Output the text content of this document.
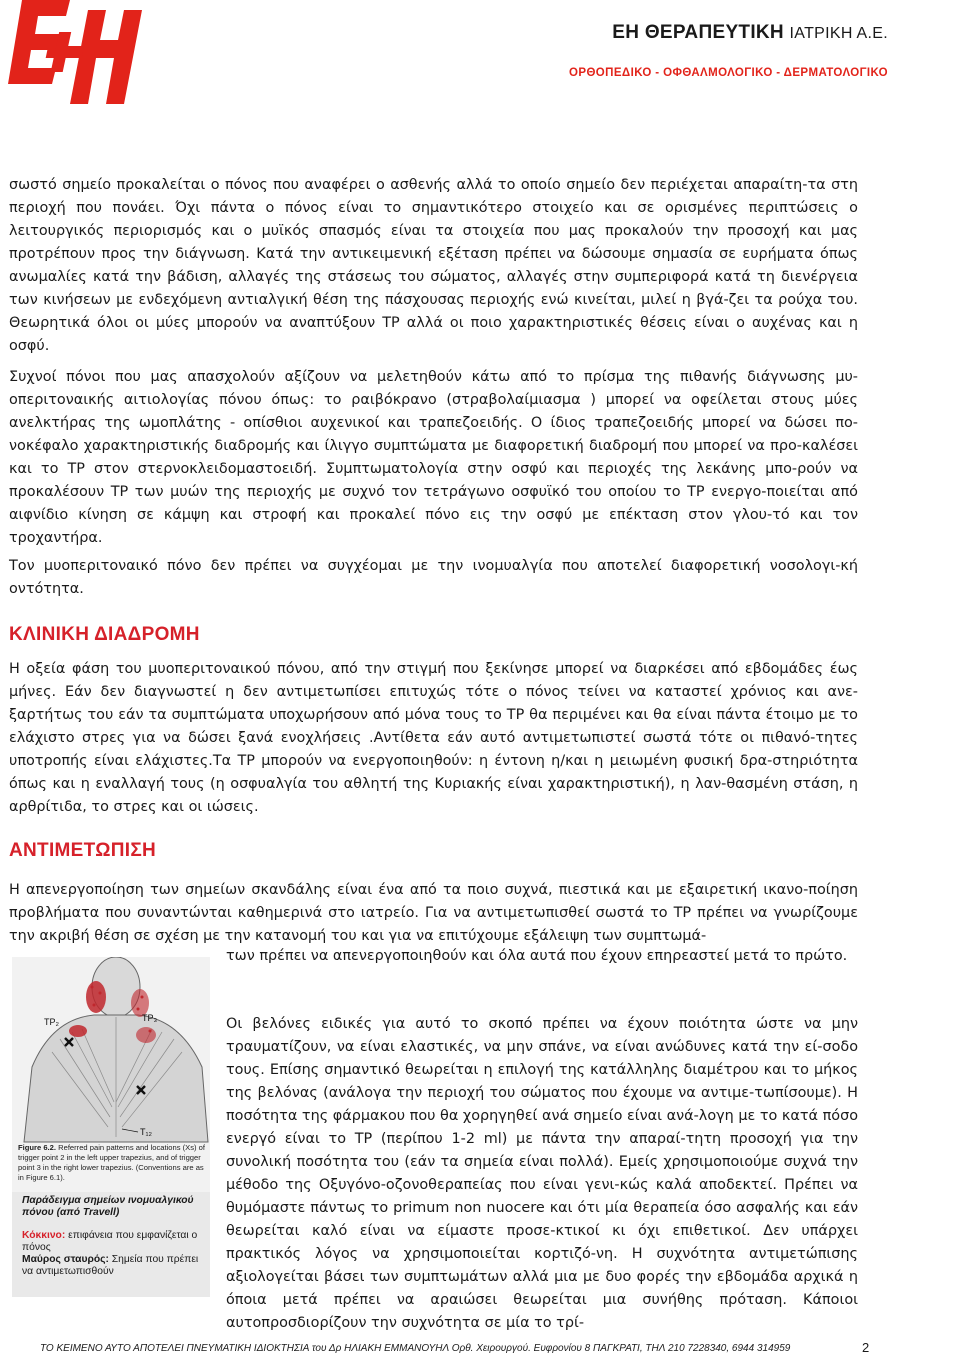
Ε+Η
ΕΗ ΘΕΡΑΠΕΥΤΙΚΗ ΙΑΤΡΙΚΗ Α.Ε.
ΟΡΘΟΠΕΔΙΚΟ - ΟΦΘΑΛΜΟΛΟΓΙΚΟ - ΔΕΡΜΑΤΟΛΟΓΙΚΟ

σωστό σημείο προκαλείται ο πόνος που αναφέρει ο ασθενής αλλά το οποίο σημείο δεν περιέχεται απαραίτη-τα στη περιοχή που πονάει. Όχι πάντα ο πόνος είναι το σημαντικότερο στοιχείο και σε ορισμένες περιπτώσεις ο λειτουργικός περιορισμός και ο μυϊκός σπασμός είναι τα στοιχεία που μας προκαλούν την προσοχή και μας προτρέπουν προς την διάγνωση. Κατά την αντικειμενική εξέταση πρέπει να δώσουμε σημασία σε ευρήματα όπως ανωμαλίες κατά την βάδιση, αλλαγές της στάσεως του σώματος, αλλαγές στην συμπεριφορά κατά τη διενέργεια των κινήσεων με ενδεχόμενη αντιαλγική θέση της πάσχουσας περιοχής ενώ κινείται, μιλεί η βγά-ζει τα ρούχα του. Θεωρητικά όλοι οι μύες μπορούν να αναπτύξουν TP αλλά οι ποιο χαρακτηριστικές θέσεις είναι ο αυχένας και η οσφύ.

Συχνοί πόνοι που μας απασχολούν αξίζουν να μελετηθούν κάτω από το πρίσμα της πιθανής διάγνωσης μυ-οπεριτοναικής αιτιολογίας πόνου όπως: το ραιβόκρανο (στραβολαίμιασμα ) μπορεί να οφείλεται στους μύες ανελκτήρας της ωμοπλάτης - οπίσθιοι αυχενικοί και τραπεζοειδής. Ο ίδιος τραπεζοειδής μπορεί να δώσει πο-νοκέφαλο χαρακτηριστικής διαδρομής και ίλιγγο συμπτώματα με διαφορετική διαδρομή που μπορεί να προ-καλέσει και το TP στον στερνοκλειδομαστοειδή. Συμπτωματολογία στην οσφύ και περιοχές της λεκάνης μπο-ρούν να προκαλέσουν TP των μυών της περιοχής με συχνό τον τετράγωνο οσφυϊκό του οποίου το TP ενεργο-ποιείται από αιφνίδιο κίνηση σε κάμψη και στροφή και προκαλεί πόνο εις την οσφύ με επέκταση στον γλου-τό και τον τροχαντήρα.

Τον μυοπεριτοναικό πόνο δεν πρέπει να συγχέομαι με την ινομυαλγία που αποτελεί διαφορετική νοσολογι-κή οντότητα.

ΚΛΙΝΙΚΗ ΔΙΑΔΡΟΜΗ

Η οξεία φάση του μυοπεριτοναικού πόνου, από την στιγμή που ξεκίνησε μπορεί να διαρκέσει από εβδομάδες έως μήνες. Εάν δεν διαγνωστεί η δεν αντιμετωπίσει επιτυχώς τότε ο πόνος τείνει να καταστεί χρόνιος και ανε-ξαρτήτως του εάν τα συμπτώματα υποχωρήσουν από μόνα τους το TP θα περιμένει και θα είναι πάντα έτοιμο με το ελάχιστο στρες για να δώσει ξανά ενοχλήσεις .Αντίθετα εάν αυτό αντιμετωπιστεί σωστά τότε οι πιθανό-τητες υποτροπής είναι ελάχιστες.Τα TP μπορούν να ενεργοποιηθούν: η έντονη η/και η μειωμένη φυσική δρα-στηριότητα όπως και η εναλλαγή τους (η οσφυαλγία του αθλητή της Κυριακής είναι χαρακτηριστική), η λαν-θασμένη στάση, η αρθρίτιδα, το στρες και οι ιώσεις.

ΑΝΤΙΜΕΤΩΠΙΣΗ

Η απενεργοποίηση των σημείων σκανδάλης είναι ένα από τα ποιο συχνά, πιεστικά και με εξαιρετική ικανο-ποίηση προβλήματα που συναντώνται καθημερινά στο ιατρείο. Για να αντιμετωπισθεί σωστά το TP πρέπει να γνωρίζουμε την ακριβή θέση σε σχέση με την κατανομή του και για να επιτύχουμε εξάλειψη των συμπτωμά-

των πρέπει να απενεργοποιηθούν και όλα αυτά που έχουν επηρεαστεί μετά το πρώτο.

TP₂	TP₃
T₁₂
Figure 6.2. Referred pain patterns and locations (Xs) of trigger point 2 in the left upper trapezius, and of trigger point 3 in the right lower trapezius. (Conventions are as in Figure 6.1).
Παράδειγμα σημείων ινομυαλγικού πόνου (από Travell)
Κόκκινο: επιφάνεια που εμφανίζεται ο πόνος
Μαύρος σταυρός: Σημεία που πρέπει να αντιμετωπισθούν

Οι βελόνες ειδικές για αυτό το σκοπό πρέπει να έχουν ποιότητα ώστε να μην τραυματίζουν, να είναι ελαστικές, να μην σπάνε, να είναι ανώδυνες κατά την εί-σοδο τους. Επίσης σημαντικό θεωρείται η επιλογή της κατάλληλης διαμέτρου και το μήκος της βελόνας (ανάλογα την περιοχή του σώματος που έχουμε να αντιμε-τωπίσουμε). Η ποσότητα της φάρμακου που θα χορηγηθεί ανά σημείο είναι ανά-λογη με το κατά πόσο ενεργό είναι το TP (περίπου 1-2 ml) με πάντα την απαραί-τητη προσοχή για την συνολική ποσότητα του (εάν τα σημεία είναι πολλά). Εμείς χρησιμοποιούμε συχνά την μέθοδο της Οξυγόνο-οζονοθεραπείας που είναι γενι-κώς καλά αποδεκτεί. Πρέπει να θυμόμαστε πάντως το primum non nuocere και ότι μία θεραπεία όσο ασφαλής και εάν θεωρείται καλό είναι να είμαστε προσε-κτικοί κι όχι επιθετικοί. Δεν υπάρχει πρακτικός λόγος να χρησιμοποιείται κορτιζό-νη. Η συχνότητα αντιμετώπισης αξιολογείται βάσει των συμπτωμάτων αλλά μια με δυο φορές την εβδομάδα αρχικά η όποια μετά πρέπει να αραιώσει θεωρείται μια συνήθης πρόταση. Κάποιοι αυτοπροσδιορίζουν την συχνότητα σε μία το τρί-

ΤΟ ΚΕΙΜΕΝΟ ΑΥΤΟ ΑΠΟΤΕΛΕΙ ΠΝΕΥΜΑΤΙΚΗ ΙΔΙΟΚΤΗΣΙΑ του Δρ ΗΛΙΑΚΗ ΕΜΜΑΝΟΥΗΛ Ορθ. Χειρουργού. Ευφρονίου 8 ΠΑΓΚΡΑΤΙ, ΤΗΛ 210 7228340, 6944 314959	2
